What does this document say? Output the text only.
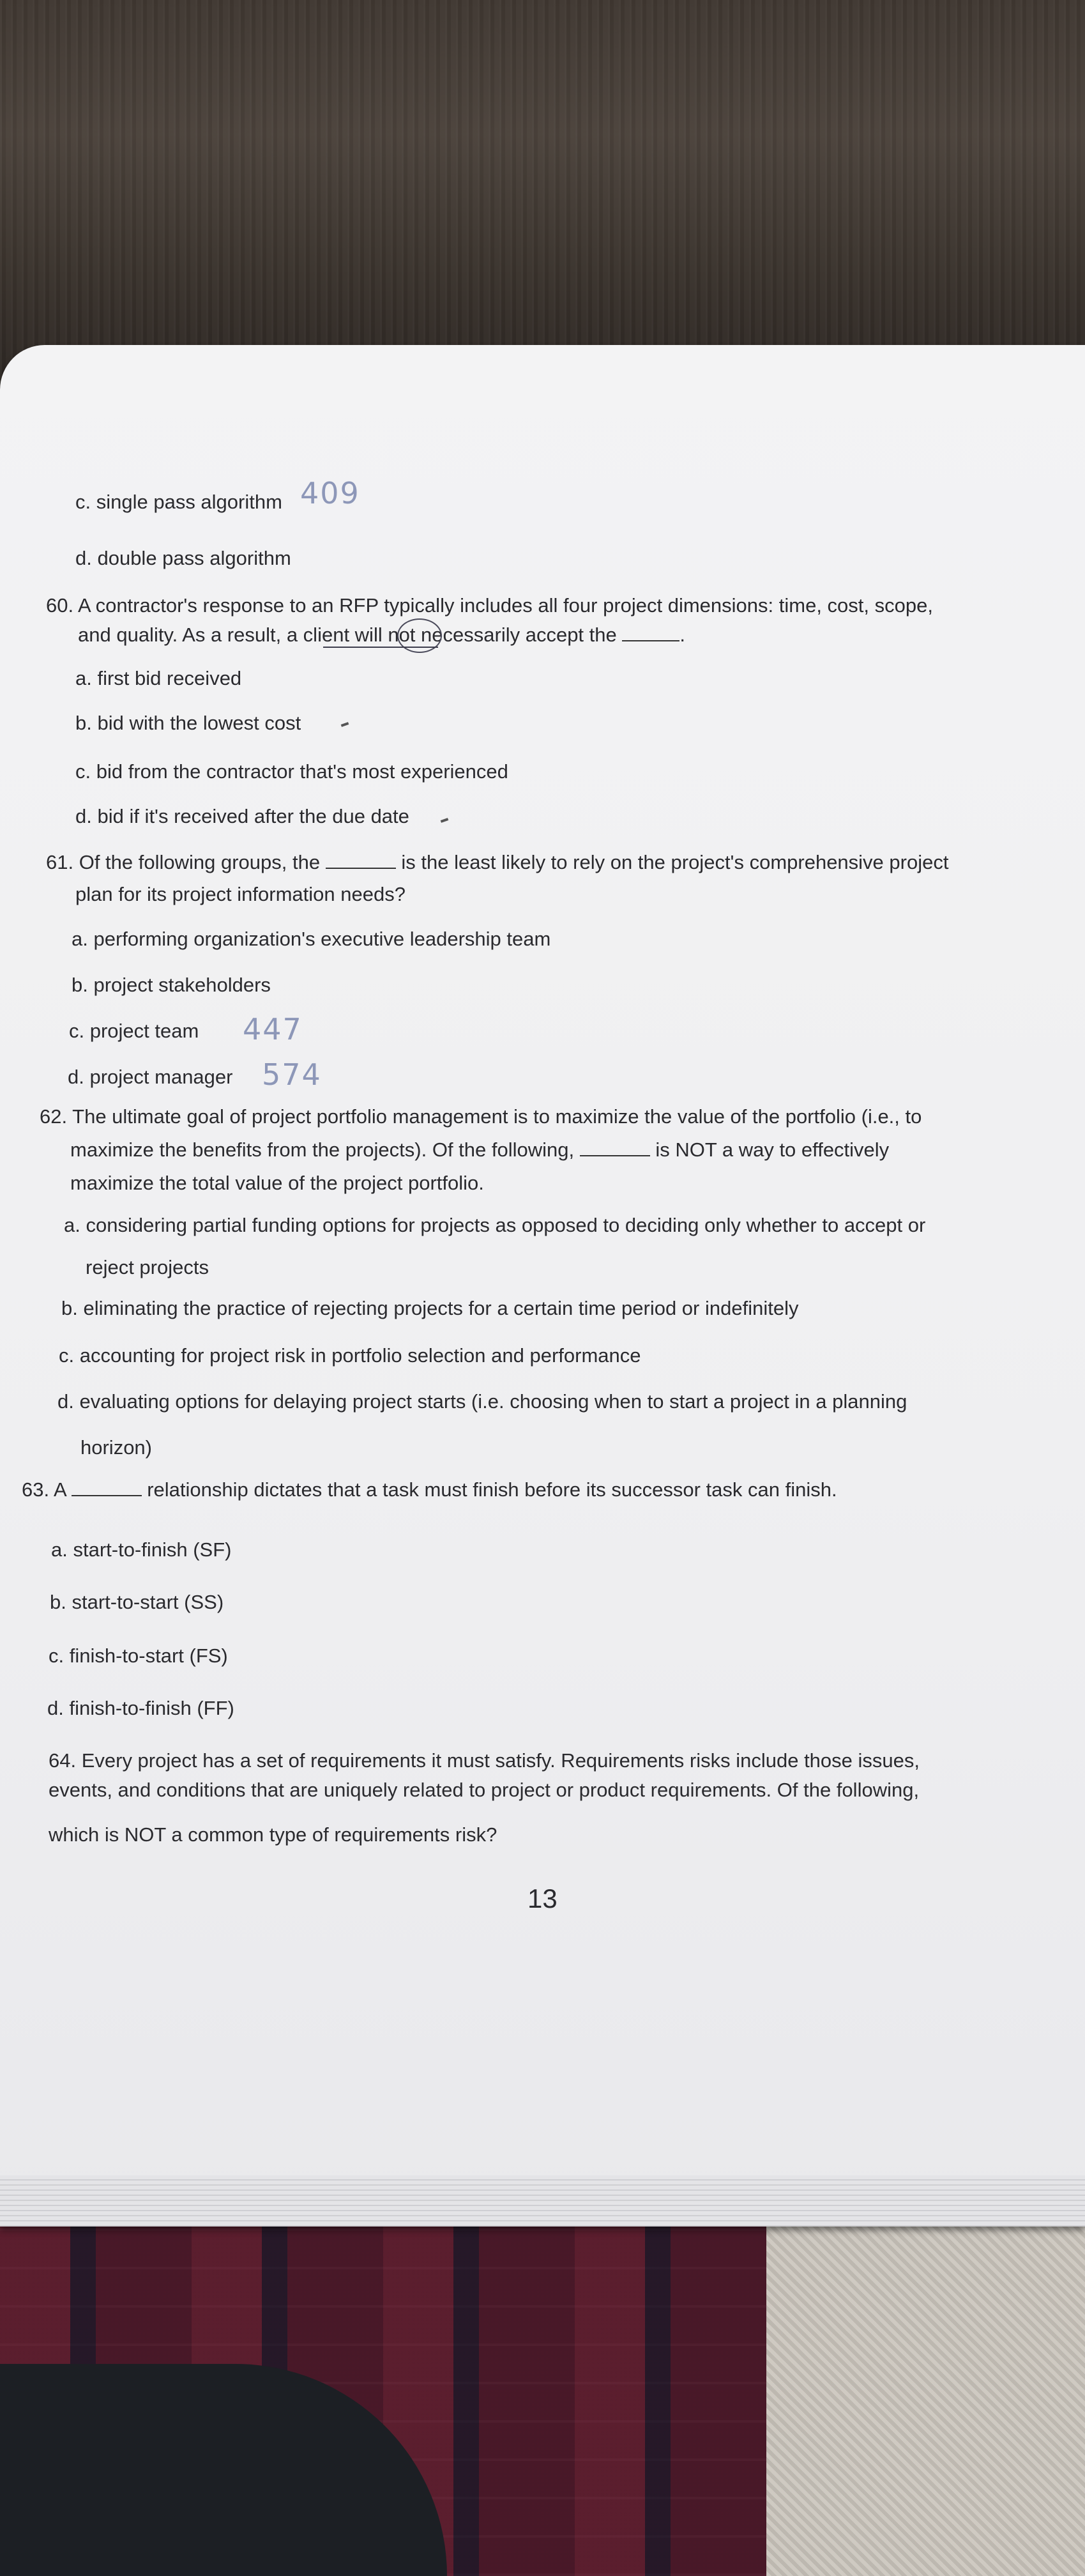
c. single pass algorithm 409
d. double pass algorithm
60. A contractor's response to an RFP typically includes all four project dimensions: time, cost, scope,
and quality. As a result, a client will not necessarily accept the	.
a. first bid received
b. bid with the lowest cost
c. bid from the contractor that's most experienced
d. bid if it's received after the due date
61. Of the following groups, the	is the least likely to rely on the project's comprehensive project
plan for its project information needs?
a. performing organization's executive leadership team
b. project stakeholders
c. project team 447
d. project manager 574
62. The ultimate goal of project portfolio management is to maximize the value of the portfolio (i.e., to
maximize the benefits from the projects). Of the following,	is NOT a way to effectively
maximize the total value of the project portfolio.
a. considering partial funding options for projects as opposed to deciding only whether to accept or
reject projects
b. eliminating the practice of rejecting projects for a certain time period or indefinitely
c. accounting for project risk in portfolio selection and performance
d. evaluating options for delaying project starts (i.e. choosing when to start a project in a planning
horizon)
63. A	relationship dictates that a task must finish before its successor task can finish.
a. start-to-finish (SF)
b. start-to-start (SS)
c. finish-to-start (FS)
d. finish-to-finish (FF)
64. Every project has a set of requirements it must satisfy. Requirements risks include those issues,
events, and conditions that are uniquely related to project or product requirements. Of the following,
which is NOT a common type of requirements risk?
13
